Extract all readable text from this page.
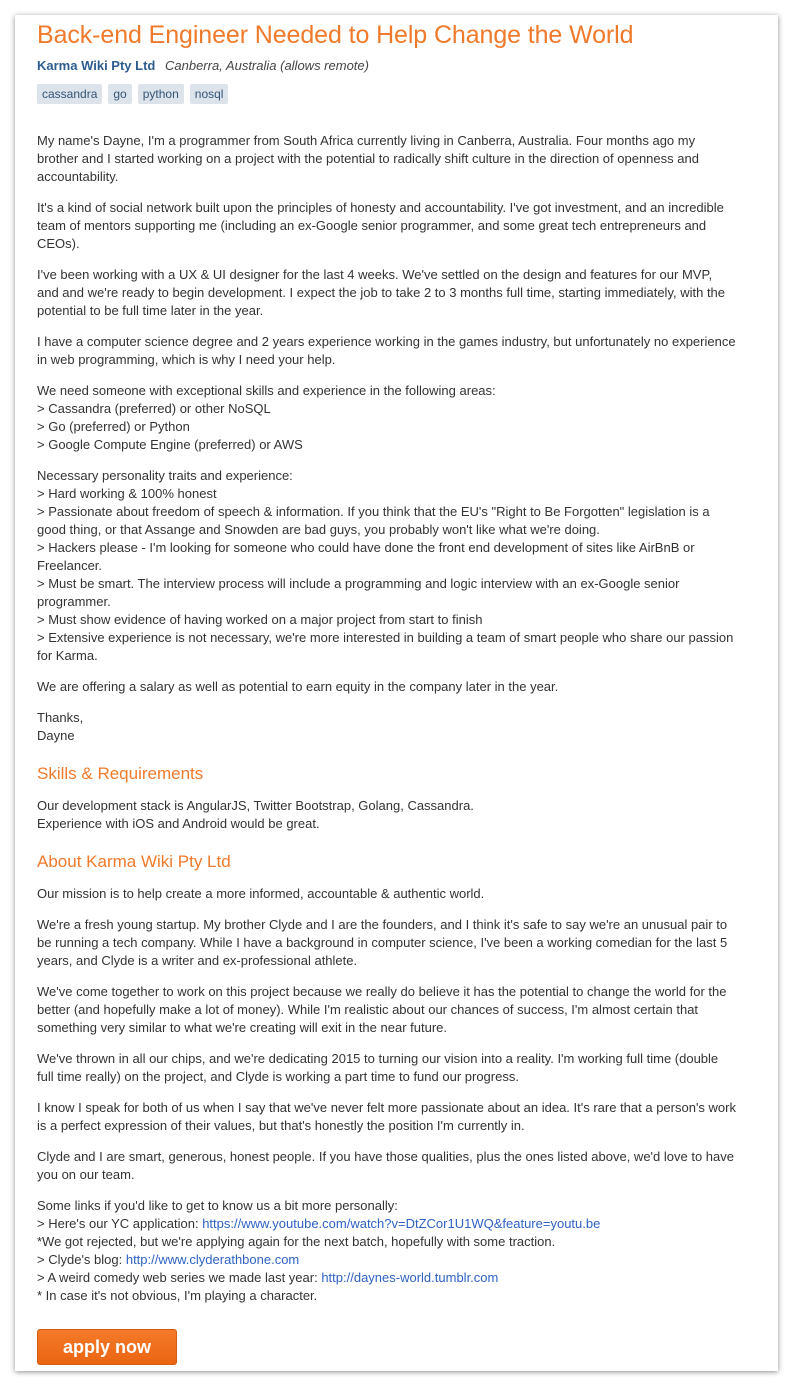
Back-end Engineer Needed to Help Change the World
Karma Wiki Pty Ltd Canberra, Australia (allows remote)
cassandra	go	python	nosql

My name's Dayne, I'm a programmer from South Africa currently living in Canberra, Australia. Four months ago my brother and I started working on a project with the potential to radically shift culture in the direction of openness and accountability.

It's a kind of social network built upon the principles of honesty and accountability. I've got investment, and an incredible team of mentors supporting me (including an ex-Google senior programmer, and some great tech entrepreneurs and CEOs).

I've been working with a UX & UI designer for the last 4 weeks. We've settled on the design and features for our MVP, and and we're ready to begin development. I expect the job to take 2 to 3 months full time, starting immediately, with the potential to be full time later in the year.

I have a computer science degree and 2 years experience working in the games industry, but unfortunately no experience in web programming, which is why I need your help.

We need someone with exceptional skills and experience in the following areas:
> Cassandra (preferred) or other NoSQL
> Go (preferred) or Python
> Google Compute Engine (preferred) or AWS

Necessary personality traits and experience:
> Hard working & 100% honest
> Passionate about freedom of speech & information. If you think that the EU's "Right to Be Forgotten" legislation is a good thing, or that Assange and Snowden are bad guys, you probably won't like what we're doing.
> Hackers please - I'm looking for someone who could have done the front end development of sites like AirBnB or Freelancer.
> Must be smart. The interview process will include a programming and logic interview with an ex-Google senior programmer.
> Must show evidence of having worked on a major project from start to finish
> Extensive experience is not necessary, we're more interested in building a team of smart people who share our passion for Karma.

We are offering a salary as well as potential to earn equity in the company later in the year.

Thanks,
Dayne

Skills & Requirements

Our development stack is AngularJS, Twitter Bootstrap, Golang, Cassandra.
Experience with iOS and Android would be great.

About Karma Wiki Pty Ltd

Our mission is to help create a more informed, accountable & authentic world.

We're a fresh young startup. My brother Clyde and I are the founders, and I think it's safe to say we're an unusual pair to be running a tech company. While I have a background in computer science, I've been a working comedian for the last 5 years, and Clyde is a writer and ex-professional athlete.

We've come together to work on this project because we really do believe it has the potential to change the world for the better (and hopefully make a lot of money). While I'm realistic about our chances of success, I'm almost certain that something very similar to what we're creating will exit in the near future.

We've thrown in all our chips, and we're dedicating 2015 to turning our vision into a reality. I'm working full time (double full time really) on the project, and Clyde is working a part time to fund our progress.

I know I speak for both of us when I say that we've never felt more passionate about an idea. It's rare that a person's work is a perfect expression of their values, but that's honestly the position I'm currently in.

Clyde and I are smart, generous, honest people. If you have those qualities, plus the ones listed above, we'd love to have you on our team.

Some links if you'd like to get to know us a bit more personally:
> Here's our YC application: https://www.youtube.com/watch?v=DtZCor1U1WQ&feature=youtu.be
*We got rejected, but we're applying again for the next batch, hopefully with some traction.
> Clyde's blog: http://www.clyderathbone.com
> A weird comedy web series we made last year: http://daynes-world.tumblr.com
* In case it's not obvious, I'm playing a character.

apply now
